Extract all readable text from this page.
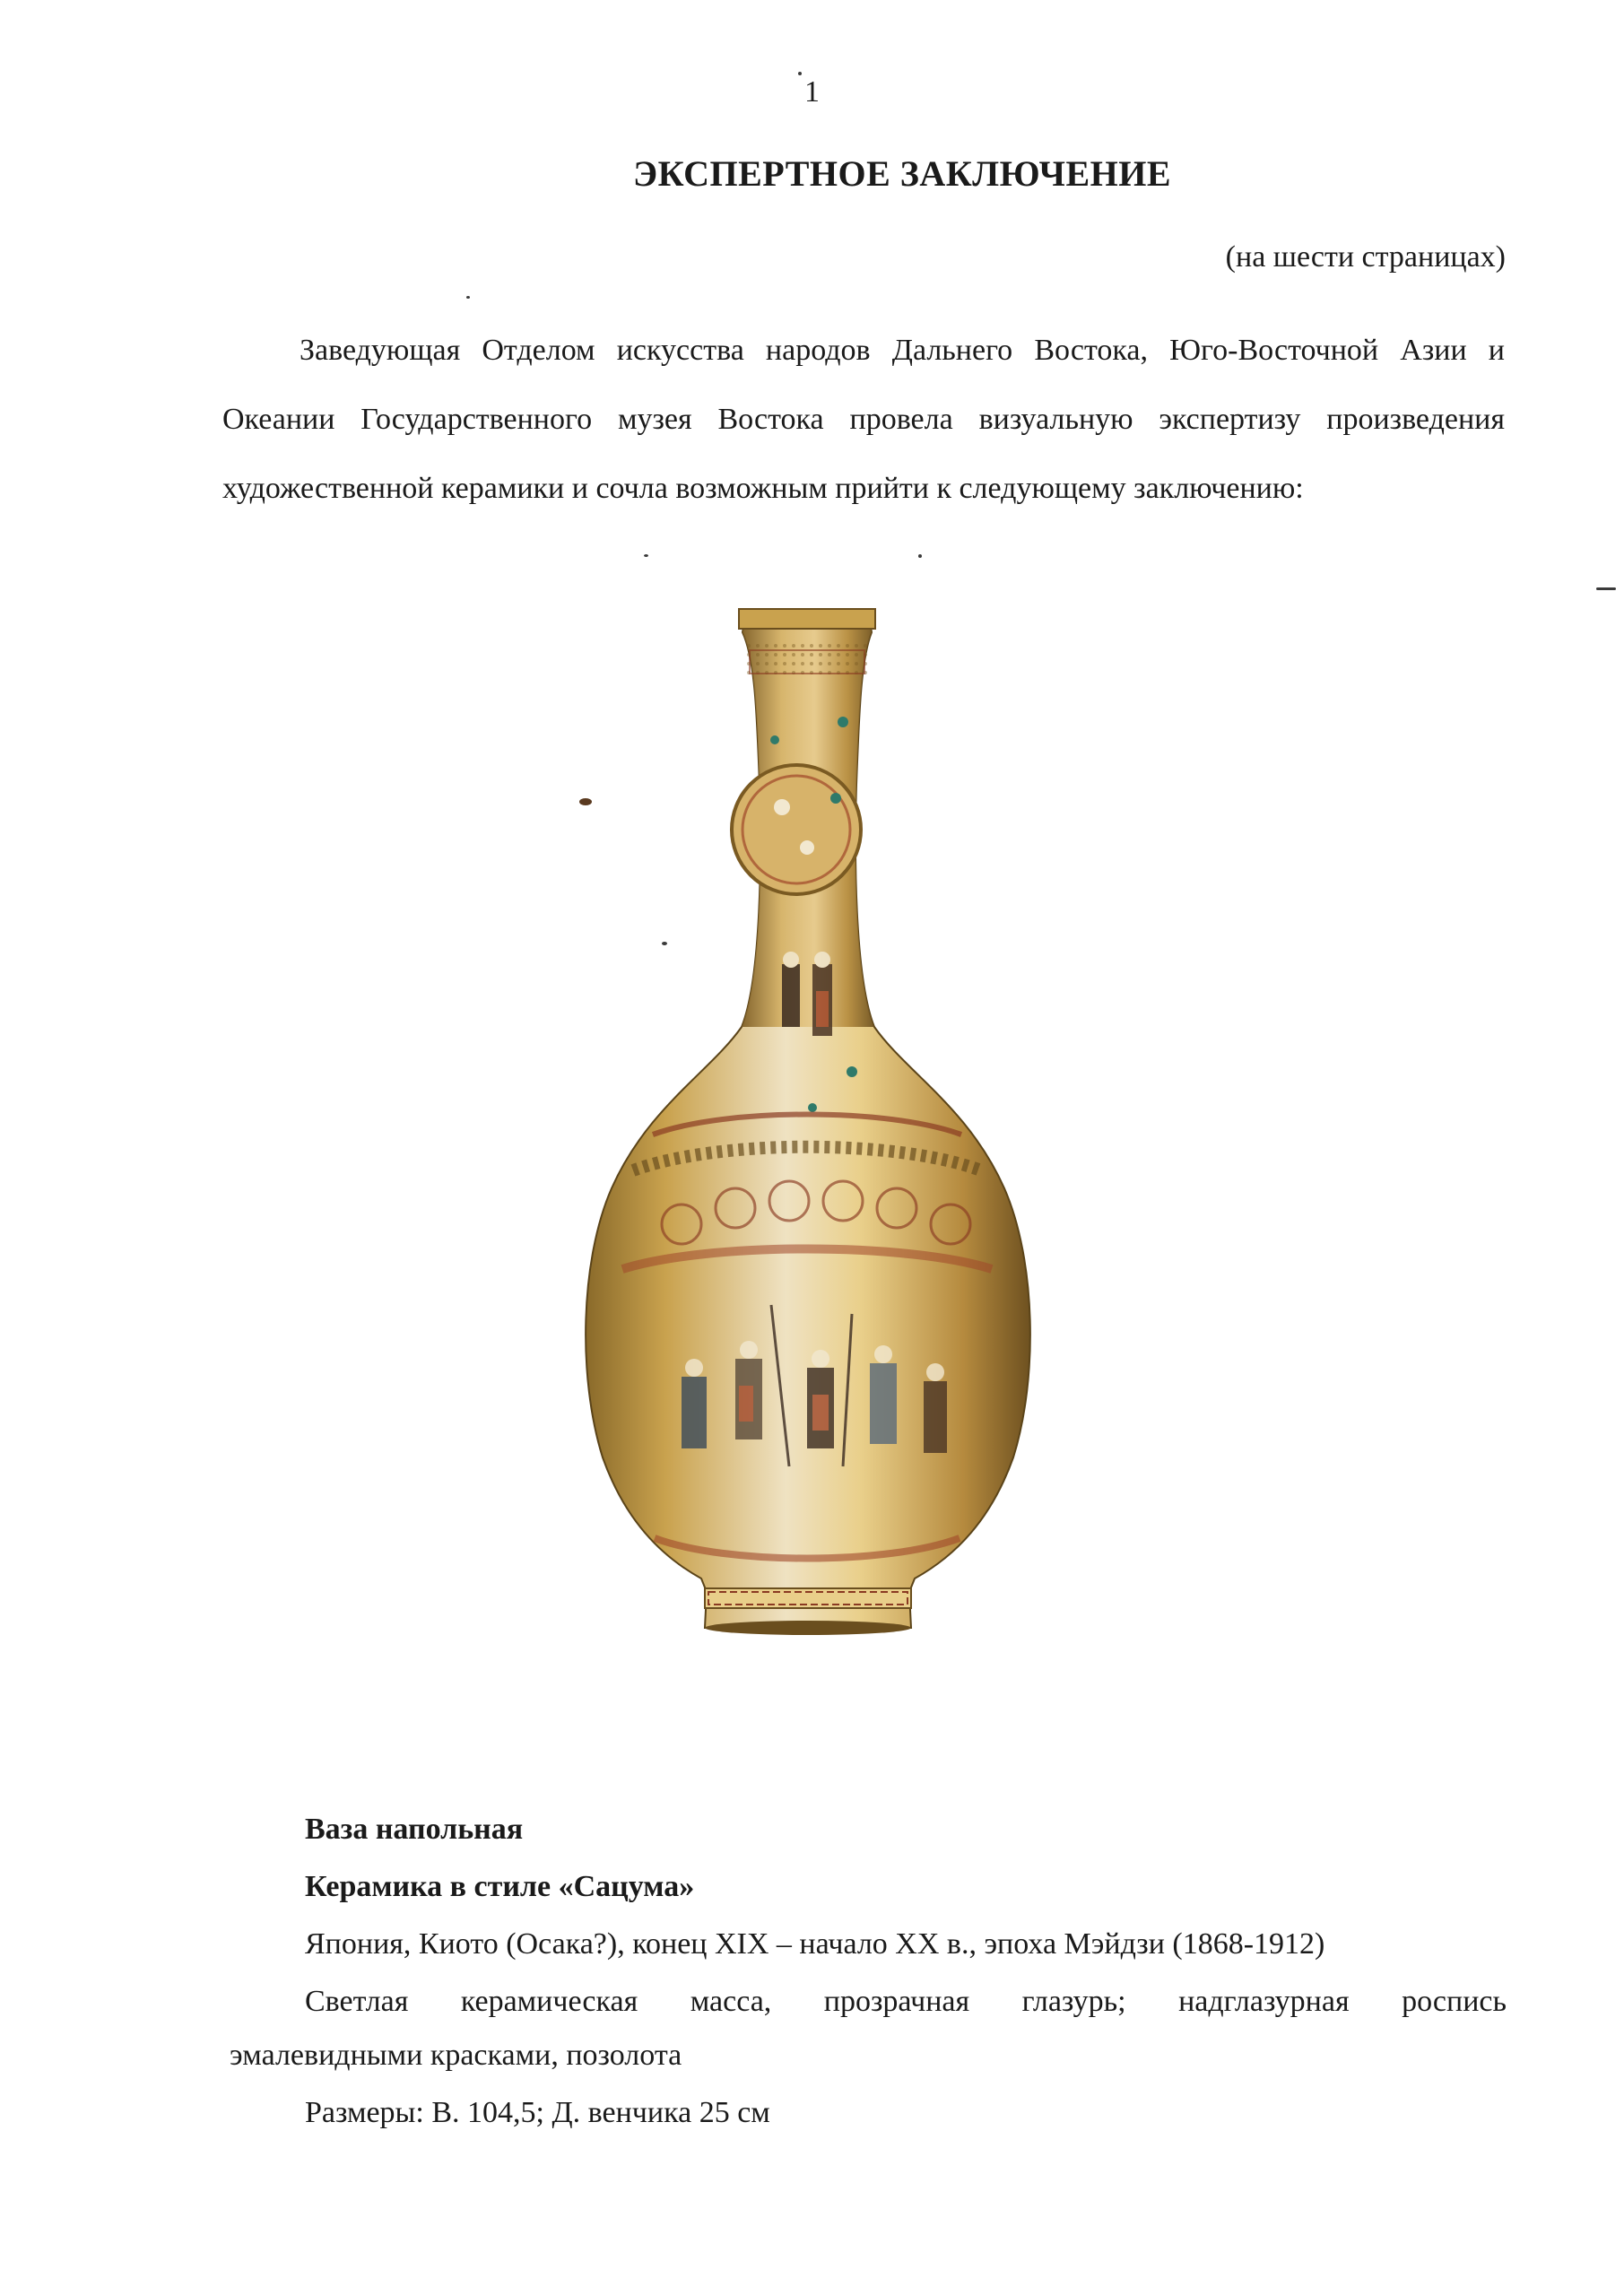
1
ЭКСПЕРТНОЕ ЗАКЛЮЧЕНИЕ
(на шести страницах)

Заведующая Отделом искусства народов Дальнего Востока, Юго-Восточной Азии и Океании Государственного музея Востока провела визуальную экспертизу произведения художественной керамики и сочла возможным прийти к следующему заключению:

Ваза напольная
Керамика в стиле «Сацума»
Япония, Киото (Осака?), конец XIX – начало XX в., эпоха Мэйдзи (1868-1912)
Светлая керамическая масса, прозрачная глазурь; надглазурная роспись
эмалевидными красками, позолота
Размеры: В. 104,5; Д. венчика 25 см
